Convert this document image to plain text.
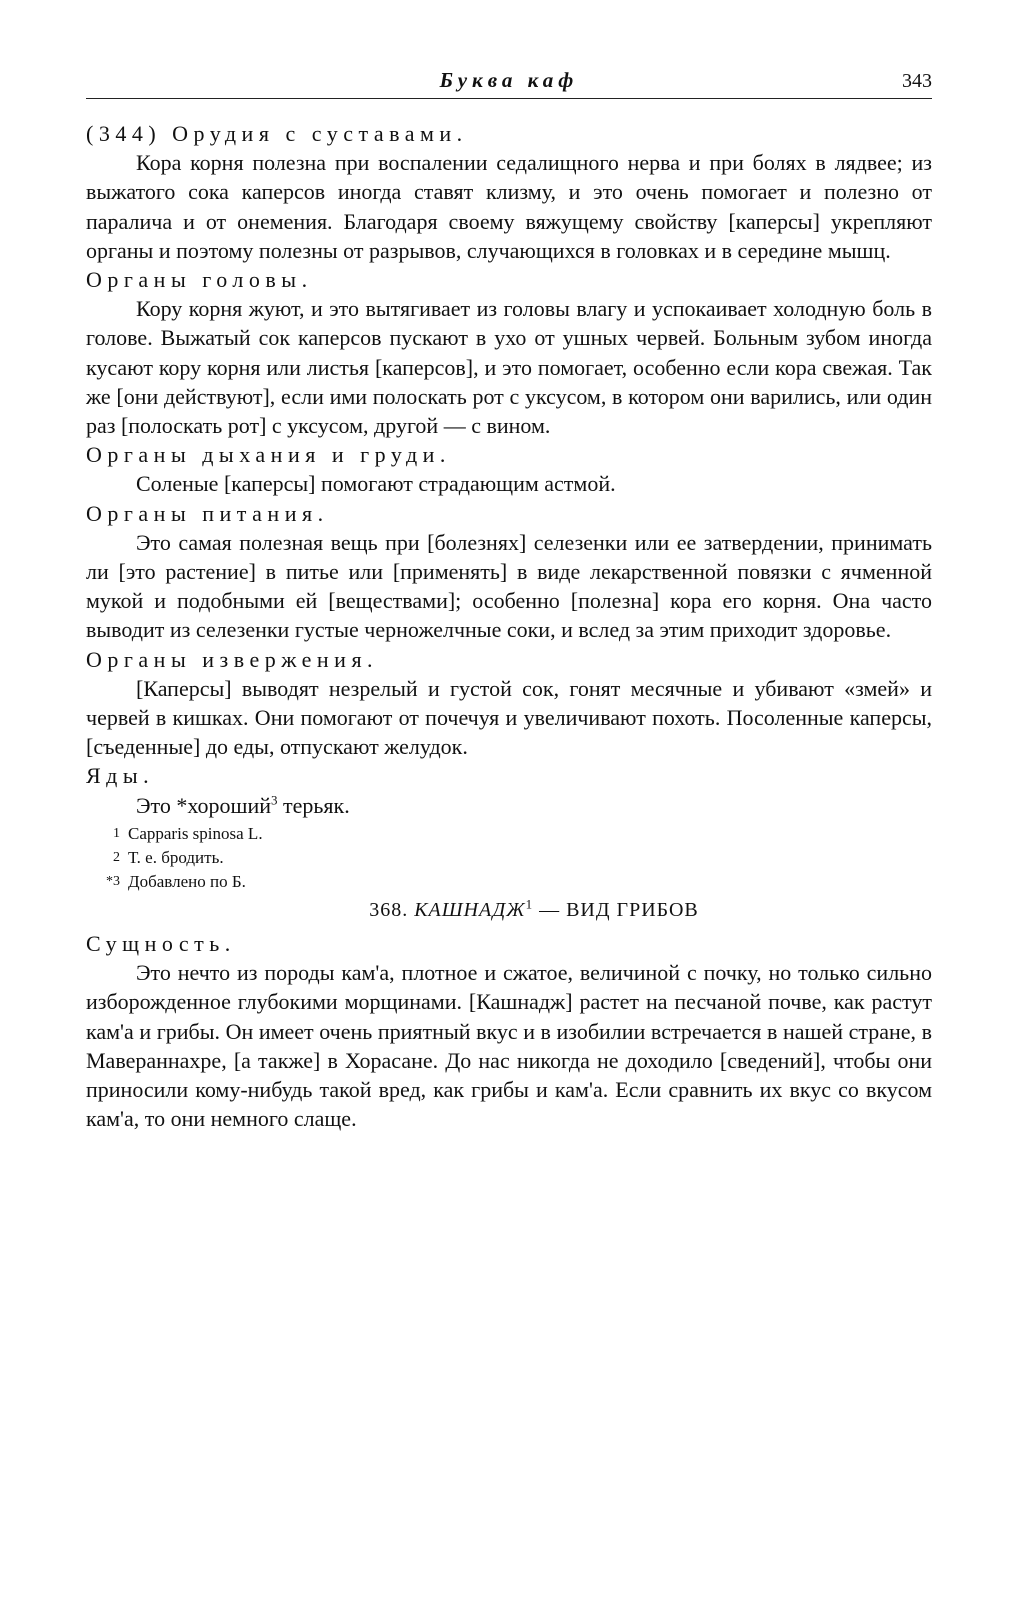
Буква каф	343

(344) Орудия с суставами.

Кора корня полезна при воспалении седалищного нерва и при болях в лядвее; из выжатого сока каперсов иногда ставят клизму, и это очень помогает и полезно от паралича и от онемения. Благодаря своему вяжущему свойству [каперсы] укрепляют органы и поэтому полезны от разрывов, случающихся в головках и в середине мышц.

Органы головы.

Кору корня жуют, и это вытягивает из головы влагу и успокаивает холодную боль в голове. Выжатый сок каперсов пускают в ухо от ушных червей. Больным зубом иногда кусают кору корня или листья [каперсов], и это помогает, особенно если кора свежая. Так же [они действуют], если ими полоскать рот с уксусом, в котором они варились, или один раз [полоскать рот] с уксусом, другой — с вином.

Органы дыхания и груди.

Соленые [каперсы] помогают страдающим астмой.

Органы питания.

Это самая полезная вещь при [болезнях] селезенки или ее затвердении, принимать ли [это растение] в питье или [применять] в виде лекарственной повязки с ячменной мукой и подобными ей [веществами]; особенно [полезна] кора его корня. Она часто выводит из селезенки густые черножелчные соки, и вслед за этим приходит здоровье.

Органы извержения.

[Каперсы] выводят незрелый и густой сок, гонят месячные и убивают «змей» и червей в кишках. Они помогают от почечуя и увеличивают похоть. Посоленные каперсы, [съеденные] до еды, отпускают желудок.

Яды.

Это *хороший$^3$ терьяк.

1 Capparis spinosa L.
2 Т. е. бродить.
*3 Добавлено по Б.
368. КАШНАДЖ$^1$ — ВИД ГРИБОВ

Сущность.

Это нечто из породы кам'а, плотное и сжатое, величиной с почку, но только сильно изборожденное глубокими морщинами. [Кашнадж] растет на песчаной почве, как растут кам'а и грибы. Он имеет очень приятный вкус и в изобилии встречается в нашей стране, в Мавераннахре, [а также] в Хорасане. До нас никогда не доходило [сведений], чтобы они приносили кому-нибудь такой вред, как грибы и кам'а. Если сравнить их вкус со вкусом кам'а, то они немного слаще.
